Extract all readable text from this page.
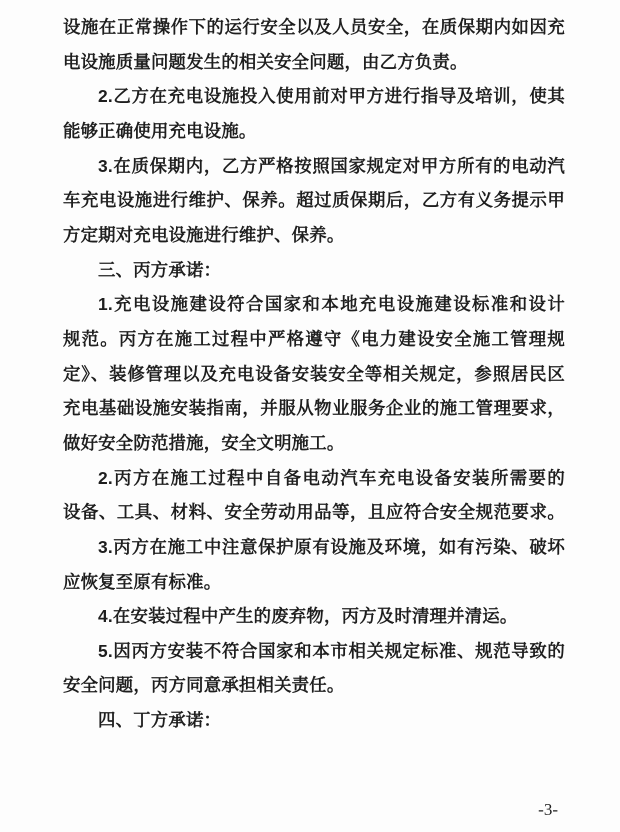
设施在正常操作下的运行安全以及人员安全，在质保期内如因充
电设施质量问题发生的相关安全问题，由乙方负责。
2.乙方在充电设施投入使用前对甲方进行指导及培训，使其
能够正确使用充电设施。
3.在质保期内，乙方严格按照国家规定对甲方所有的电动汽
车充电设施进行维护、保养。超过质保期后，乙方有义务提示甲
方定期对充电设施进行维护、保养。
三、丙方承诺：
1.充电设施建设符合国家和本地充电设施建设标准和设计
规范。丙方在施工过程中严格遵守《电力建设安全施工管理规
定》、装修管理以及充电设备安装安全等相关规定，参照居民区
充电基础设施安装指南，并服从物业服务企业的施工管理要求，
做好安全防范措施，安全文明施工。
2.丙方在施工过程中自备电动汽车充电设备安装所需要的
设备、工具、材料、安全劳动用品等，且应符合安全规范要求。
3.丙方在施工中注意保护原有设施及环境，如有污染、破坏
应恢复至原有标准。
4.在安装过程中产生的废弃物，丙方及时清理并清运。
5.因丙方安装不符合国家和本市相关规定标准、规范导致的
安全问题，丙方同意承担相关责任。
四、丁方承诺：
-3-
